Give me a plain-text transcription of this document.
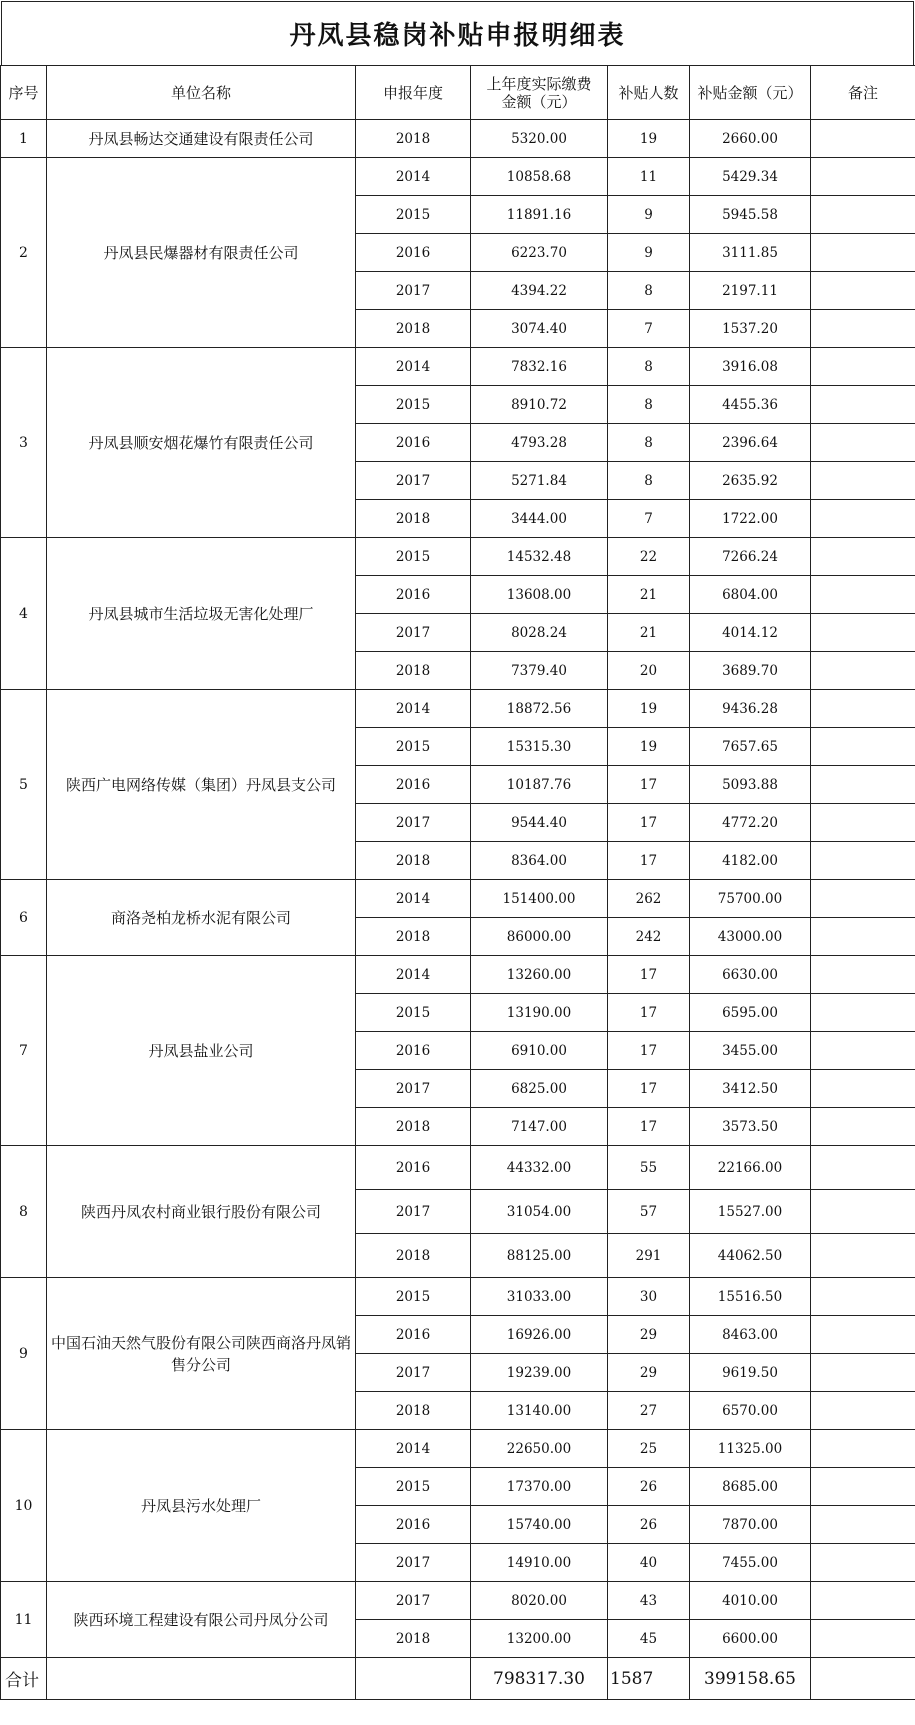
丹凤县稳岗补贴申报明细表
序号	单位名称	申报年度	上年度实际缴费
金额（元）	补贴人数	补贴金额（元）	备注
1	丹凤县畅达交通建设有限责任公司	2018	5320.00	19	2660.00	
2	丹凤县民爆器材有限责任公司	2014	10858.68	11	5429.34	
		2015	11891.16	9	5945.58	
		2016	6223.70	9	3111.85	
		2017	4394.22	8	2197.11	
		2018	3074.40	7	1537.20	
3	丹凤县顺安烟花爆竹有限责任公司	2014	7832.16	8	3916.08	
		2015	8910.72	8	4455.36	
		2016	4793.28	8	2396.64	
		2017	5271.84	8	2635.92	
		2018	3444.00	7	1722.00	
4	丹凤县城市生活垃圾无害化处理厂	2015	14532.48	22	7266.24	
		2016	13608.00	21	6804.00	
		2017	8028.24	21	4014.12	
		2018	7379.40	20	3689.70	
5	陕西广电网络传媒（集团）丹凤县支公司	2014	18872.56	19	9436.28	
		2015	15315.30	19	7657.65	
		2016	10187.76	17	5093.88	
		2017	9544.40	17	4772.20	
		2018	8364.00	17	4182.00	
6	商洛尧柏龙桥水泥有限公司	2014	151400.00	262	75700.00	
		2018	86000.00	242	43000.00	
7	丹凤县盐业公司	2014	13260.00	17	6630.00	
		2015	13190.00	17	6595.00	
		2016	6910.00	17	3455.00	
		2017	6825.00	17	3412.50	
		2018	7147.00	17	3573.50	
8	陕西丹凤农村商业银行股份有限公司	2016	44332.00	55	22166.00	
		2017	31054.00	57	15527.00	
		2018	88125.00	291	44062.50	
9	中国石油天然气股份有限公司陕西商洛丹凤销售分公司	2015	31033.00	30	15516.50	
		2016	16926.00	29	8463.00	
		2017	19239.00	29	9619.50	
		2018	13140.00	27	6570.00	
10	丹凤县污水处理厂	2014	22650.00	25	11325.00	
		2015	17370.00	26	8685.00	
		2016	15740.00	26	7870.00	
		2017	14910.00	40	7455.00	
11	陕西环境工程建设有限公司丹凤分公司	2017	8020.00	43	4010.00	
		2018	13200.00	45	6600.00	
合计			798317.30	1587	399158.65	
